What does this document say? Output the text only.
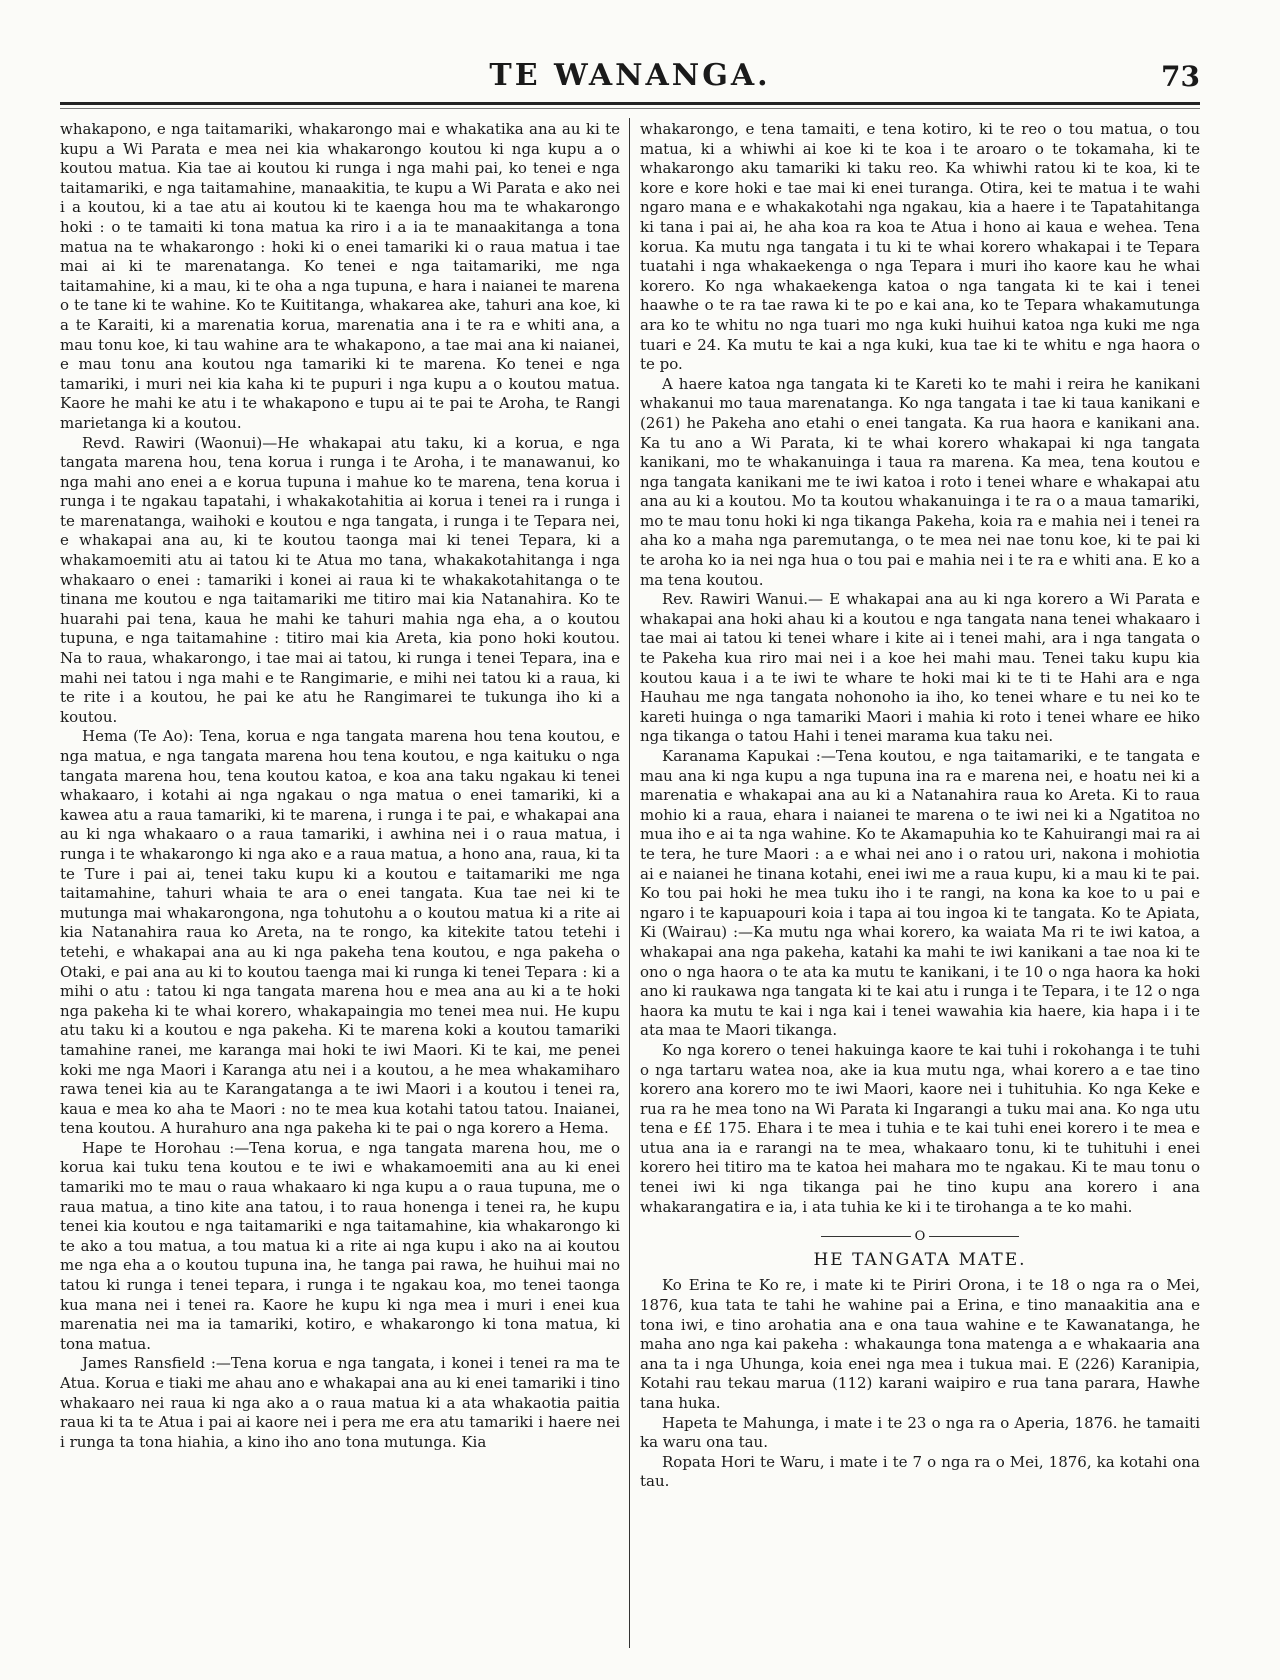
TE WANANGA.	73

whakapono, e nga taitamariki, whakarongo mai e whakatika ana au ki te kupu a Wi Parata e mea nei kia whakarongo koutou ki nga kupu a o koutou matua. Kia tae ai koutou ki runga i nga mahi pai, ko tenei e nga taitamariki, e nga taitamahine, manaakitia, te kupu a Wi Parata e ako nei i a koutou, ki a tae atu ai koutou ki te kaenga hou ma te whakarongo hoki : o te tamaiti ki tona matua ka riro i a ia te manaakitanga a tona matua na te whakarongo : hoki ki o enei tamariki ki o raua matua i tae mai ai ki te marenatanga. Ko tenei e nga taitamariki, me nga taitamahine, ki a mau, ki te oha a nga tupuna, e hara i naianei te marena o te tane ki te wahine. Ko te Kuititanga, whakarea ake, tahuri ana koe, ki a te Karaiti, ki a marenatia korua, marenatia ana i te ra e whiti ana, a mau tonu koe, ki tau wahine ara te whakapono, a tae mai ana ki naianei, e mau tonu ana koutou nga tamariki ki te marena. Ko tenei e nga tamariki, i muri nei kia kaha ki te pupuri i nga kupu a o koutou matua. Kaore he mahi ke atu i te whakapono e tupu ai te pai te Aroha, te Rangi marietanga ki a koutou.

Revd. Rawiri (Waonui)—He whakapai atu taku, ki a korua, e nga tangata marena hou, tena korua i runga i te Aroha, i te manawanui, ko nga mahi ano enei a e korua tupuna i mahue ko te marena, tena korua i runga i te ngakau tapatahi, i whakakotahitia ai korua i tenei ra i runga i te marenatanga, waihoki e koutou e nga tangata, i runga i te Tepara nei, e whakapai ana au, ki te koutou taonga mai ki tenei Tepara, ki a whakamoemiti atu ai tatou ki te Atua mo tana, whakakotahitanga i nga whakaaro o enei : tamariki i konei ai raua ki te whakakotahitanga o te tinana me koutou e nga taitamariki me titiro mai kia Natanahira. Ko te huarahi pai tena, kaua he mahi ke tahuri mahia nga eha, a o koutou tupuna, e nga taitamahine : titiro mai kia Areta, kia pono hoki koutou. Na to raua, whakarongo, i tae mai ai tatou, ki runga i tenei Tepara, ina e mahi nei tatou i nga mahi e te Rangimarie, e mihi nei tatou ki a raua, ki te rite i a koutou, he pai ke atu he Rangimarei te tukunga iho ki a koutou.

Hema (Te Ao): Tena, korua e nga tangata marena hou tena koutou, e nga matua, e nga tangata marena hou tena koutou, e nga kaituku o nga tangata marena hou, tena koutou katoa, e koa ana taku ngakau ki tenei whakaaro, i kotahi ai nga ngakau o nga matua o enei tamariki, ki a kawea atu a raua tamariki, ki te marena, i runga i te pai, e whakapai ana au ki nga whakaaro o a raua tamariki, i awhina nei i o raua matua, i runga i te whakarongo ki nga ako e a raua matua, a hono ana, raua, ki ta te Ture i pai ai, tenei taku kupu ki a koutou e taitamariki me nga taitamahine, tahuri whaia te ara o enei tangata. Kua tae nei ki te mutunga mai whakarongona, nga tohutohu a o koutou matua ki a rite ai kia Natanahira raua ko Areta, na te rongo, ka kitekite tatou tetehi i tetehi, e whakapai ana au ki nga pakeha tena koutou, e nga pakeha o Otaki, e pai ana au ki to koutou taenga mai ki runga ki tenei Tepara : ki a mihi o atu : tatou ki nga tangata marena hou e mea ana au ki a te hoki nga pakeha ki te whai korero, whakapaingia mo tenei mea nui. He kupu atu taku ki a koutou e nga pakeha. Ki te marena koki a koutou tamariki tamahine ranei, me karanga mai hoki te iwi Maori. Ki te kai, me penei koki me nga Maori i Karanga atu nei i a koutou, a he mea whakamiharo rawa tenei kia au te Karangatanga a te iwi Maori i a koutou i tenei ra, kaua e mea ko aha te Maori : no te mea kua kotahi tatou tatou. Inaianei, tena koutou. A hurahuro ana nga pakeha ki te pai o nga korero a Hema.

Hape te Horohau :—Tena korua, e nga tangata marena hou, me o korua kai tuku tena koutou e te iwi e whakamoemiti ana au ki enei tamariki mo te mau o raua whakaaro ki nga kupu a o raua tupuna, me o raua matua, a tino kite ana tatou, i to raua honenga i tenei ra, he kupu tenei kia koutou e nga taitamariki e nga taitamahine, kia whakarongo ki te ako a tou matua, a tou matua ki a rite ai nga kupu i ako na ai koutou me nga eha a o koutou tupuna ina, he tanga pai rawa, he huihui mai no tatou ki runga i tenei tepara, i runga i te ngakau koa, mo tenei taonga kua mana nei i tenei ra. Kaore he kupu ki nga mea i muri i enei kua marenatia nei ma ia tamariki, kotiro, e whakarongo ki tona matua, ki tona matua.

James Ransfield :—Tena korua e nga tangata, i konei i tenei ra ma te Atua. Korua e tiaki me ahau ano e whakapai ana au ki enei tamariki i tino whakaaro nei raua ki nga ako a o raua matua ki a ata whakaotia paitia raua ki ta te Atua i pai ai kaore nei i pera me era atu tamariki i haere nei i runga ta tona hiahia, a kino iho ano tona mutunga. Kia

whakarongo, e tena tamaiti, e tena kotiro, ki te reo o tou matua, o tou matua, ki a whiwhi ai koe ki te koa i te aroaro o te tokamaha, ki te whakarongo aku tamariki ki taku reo. Ka whiwhi ratou ki te koa, ki te kore e kore hoki e tae mai ki enei turanga. Otira, kei te matua i te wahi ngaro mana e e whakakotahi nga ngakau, kia a haere i te Tapatahitanga ki tana i pai ai, he aha koa ra koa te Atua i hono ai kaua e wehea. Tena korua. Ka mutu nga tangata i tu ki te whai korero whakapai i te Tepara tuatahi i nga whakaekenga o nga Tepara i muri iho kaore kau he whai korero. Ko nga whakaekenga katoa o nga tangata ki te kai i tenei haawhe o te ra tae rawa ki te po e kai ana, ko te Tepara whakamutunga ara ko te whitu no nga tuari mo nga kuki huihui katoa nga kuki me nga tuari e 24. Ka mutu te kai a nga kuki, kua tae ki te whitu e nga haora o te po.

A haere katoa nga tangata ki te Kareti ko te mahi i reira he kanikani whakanui mo taua marenatanga. Ko nga tangata i tae ki taua kanikani e (261) he Pakeha ano etahi o enei tangata. Ka rua haora e kanikani ana. Ka tu ano a Wi Parata, ki te whai korero whakapai ki nga tangata kanikani, mo te whakanuinga i taua ra marena. Ka mea, tena koutou e nga tangata kanikani me te iwi katoa i roto i tenei whare e whakapai atu ana au ki a koutou. Mo ta koutou whakanuinga i te ra o a maua tamariki, mo te mau tonu hoki ki nga tikanga Pakeha, koia ra e mahia nei i tenei ra aha ko a maha nga paremutanga, o te mea nei nae tonu koe, ki te pai ki te aroha ko ia nei nga hua o tou pai e mahia nei i te ra e whiti ana. E ko a ma tena koutou.

Rev. Rawiri Wanui.— E whakapai ana au ki nga korero a Wi Parata e whakapai ana hoki ahau ki a koutou e nga tangata nana tenei whakaaro i tae mai ai tatou ki tenei whare i kite ai i tenei mahi, ara i nga tangata o te Pakeha kua riro mai nei i a koe hei mahi mau. Tenei taku kupu kia koutou kaua i a te iwi te whare te hoki mai ki te ti te Hahi ara e nga Hauhau me nga tangata nohonoho ia iho, ko tenei whare e tu nei ko te kareti huinga o nga tamariki Maori i mahia ki roto i tenei whare ee hiko nga tikanga o tatou Hahi i tenei marama kua taku nei.

Karanama Kapukai :—Tena koutou, e nga taitamariki, e te tangata e mau ana ki nga kupu a nga tupuna ina ra e marena nei, e hoatu nei ki a marenatia e whakapai ana au ki a Natanahira raua ko Areta. Ki to raua mohio ki a raua, ehara i naianei te marena o te iwi nei ki a Ngatitoa no mua iho e ai ta nga wahine. Ko te Akamapuhia ko te Kahuirangi mai ra ai te tera, he ture Maori : a e whai nei ano i o ratou uri, nakona i mohiotia ai e naianei he tinana kotahi, enei iwi me a raua kupu, ki a mau ki te pai. Ko tou pai hoki he mea tuku iho i te rangi, na kona ka koe to u pai e ngaro i te kapuapouri koia i tapa ai tou ingoa ki te tangata. Ko te Apiata, Ki (Wairau) :—Ka mutu nga whai korero, ka waiata Ma ri te iwi katoa, a whakapai ana nga pakeha, katahi ka mahi te iwi kanikani a tae noa ki te ono o nga haora o te ata ka mutu te kanikani, i te 10 o nga haora ka hoki ano ki raukawa nga tangata ki te kai atu i runga i te Tepara, i te 12 o nga haora ka mutu te kai i nga kai i tenei wawahia kia haere, kia hapa i i te ata maa te Maori tikanga.

Ko nga korero o tenei hakuinga kaore te kai tuhi i rokohanga i te tuhi o nga tartaru watea noa, ake ia kua mutu nga, whai korero a e tae tino korero ana korero mo te iwi Maori, kaore nei i tuhituhia. Ko nga Keke e rua ra he mea tono na Wi Parata ki Ingarangi a tuku mai ana. Ko nga utu tena e ££ 175. Ehara i te mea i tuhia e te kai tuhi enei korero i te mea e utua ana ia e rarangi na te mea, whakaaro tonu, ki te tuhituhi i enei korero hei titiro ma te katoa hei mahara mo te ngakau. Ki te mau tonu o tenei iwi ki nga tikanga pai he tino kupu ana korero i ana whakarangatira e ia, i ata tuhia ke ki i te tirohanga a te ko mahi.

O
HE TANGATA MATE.

Ko Erina te Ko re, i mate ki te Piriri Orona, i te 18 o nga ra o Mei, 1876, kua tata te tahi he wahine pai a Erina, e tino manaakitia ana e tona iwi, e tino arohatia ana e ona taua wahine e te Kawanatanga, he maha ano nga kai pakeha : whakaunga tona matenga a e whakaaria ana ana ta i nga Uhunga, koia enei nga mea i tukua mai. E (226) Karanipia, Kotahi rau tekau marua (112) karani waipiro e rua tana parara, Hawhe tana huka.

Hapeta te Mahunga, i mate i te 23 o nga ra o Aperia, 1876. he tamaiti ka waru ona tau.

Ropata Hori te Waru, i mate i te 7 o nga ra o Mei, 1876, ka kotahi ona tau.
